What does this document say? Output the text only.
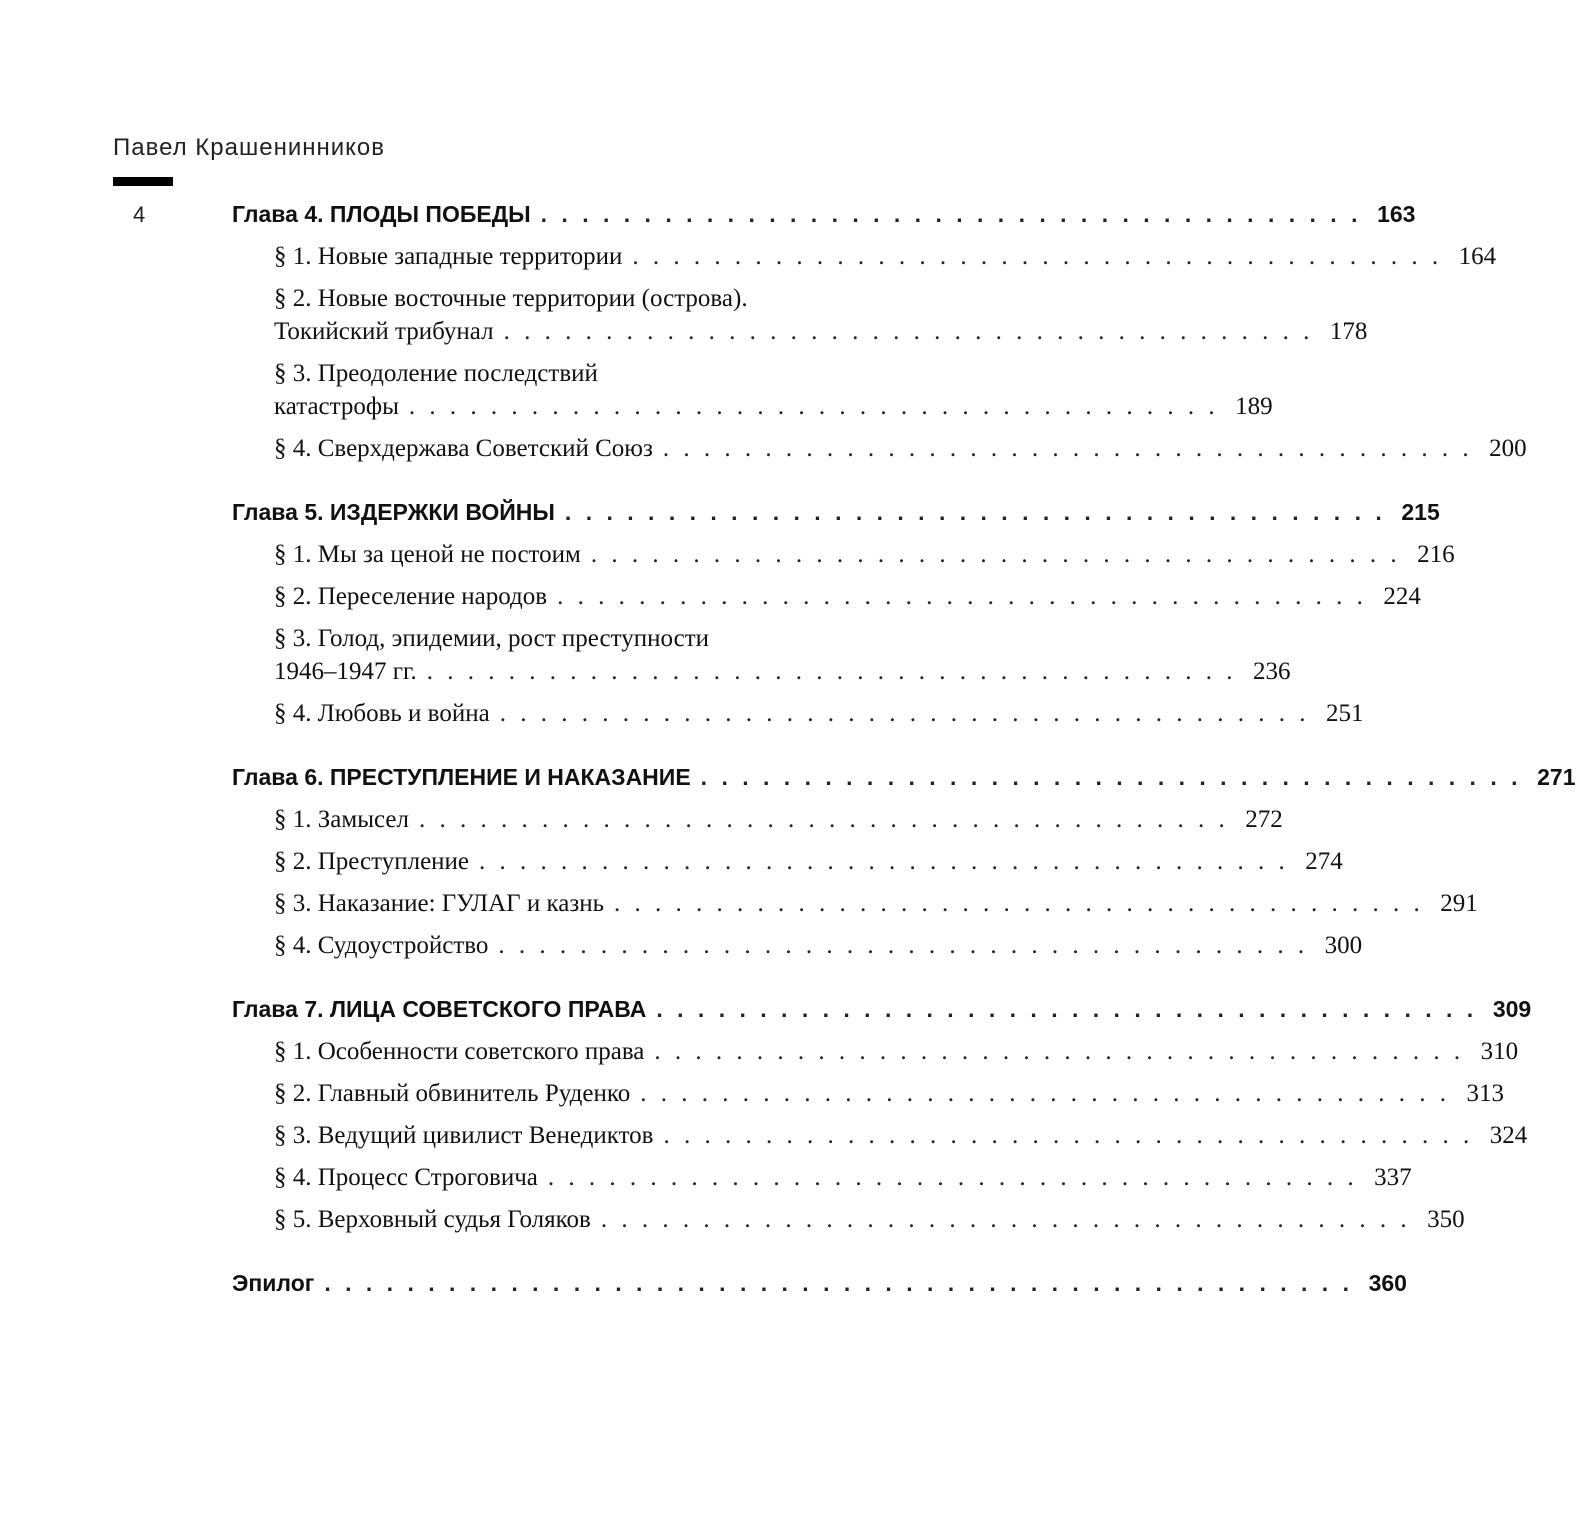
Павел Крашенинников
4	Глава 4. ПЛОДЫ ПОБЕДЫ . . . . . . . . . . . . . . . . . . . . . . . . . . . . . . . . . . . . . . . . 163
§ 1. Новые западные территории . . . . . . . . . . . . . . . . . . . . . . . . . . . . . . . . . . . . . . . . 164
§ 2. Новые восточные территории (острова).
Токийский трибунал . . . . . . . . . . . . . . . . . . . . . . . . . . . . . . . . . . . . . . . . 178
§ 3. Преодоление последствий
катастрофы . . . . . . . . . . . . . . . . . . . . . . . . . . . . . . . . . . . . . . . . 189
§ 4. Сверхдержава Советский Союз . . . . . . . . . . . . . . . . . . . . . . . . . . . . . . . . . . . . . . . . 200
Глава 5. ИЗДЕРЖКИ ВОЙНЫ . . . . . . . . . . . . . . . . . . . . . . . . . . . . . . . . . . . . . . . . 215
§ 1. Мы за ценой не постоим . . . . . . . . . . . . . . . . . . . . . . . . . . . . . . . . . . . . . . . . 216
§ 2. Переселение народов . . . . . . . . . . . . . . . . . . . . . . . . . . . . . . . . . . . . . . . . 224
§ 3. Голод, эпидемии, рост преступности
1946–1947 гг. . . . . . . . . . . . . . . . . . . . . . . . . . . . . . . . . . . . . . . . . 236
§ 4. Любовь и война . . . . . . . . . . . . . . . . . . . . . . . . . . . . . . . . . . . . . . . . 251
Глава 6. ПРЕСТУПЛЕНИЕ И НАКАЗАНИЕ . . . . . . . . . . . . . . . . . . . . . . . . . . . . . . . . . . . . . . . . 271
§ 1. Замысел . . . . . . . . . . . . . . . . . . . . . . . . . . . . . . . . . . . . . . . . 272
§ 2. Преступление . . . . . . . . . . . . . . . . . . . . . . . . . . . . . . . . . . . . . . . . 274
§ 3. Наказание: ГУЛАГ и казнь . . . . . . . . . . . . . . . . . . . . . . . . . . . . . . . . . . . . . . . . 291
§ 4. Судоустройство . . . . . . . . . . . . . . . . . . . . . . . . . . . . . . . . . . . . . . . . 300
Глава 7. ЛИЦА СОВЕТСКОГО ПРАВА . . . . . . . . . . . . . . . . . . . . . . . . . . . . . . . . . . . . . . . . 309
§ 1. Особенности советского права . . . . . . . . . . . . . . . . . . . . . . . . . . . . . . . . . . . . . . . . 310
§ 2. Главный обвинитель Руденко . . . . . . . . . . . . . . . . . . . . . . . . . . . . . . . . . . . . . . . . 313
§ 3. Ведущий цивилист Венедиктов . . . . . . . . . . . . . . . . . . . . . . . . . . . . . . . . . . . . . . . . 324
§ 4. Процесс Строговича . . . . . . . . . . . . . . . . . . . . . . . . . . . . . . . . . . . . . . . . 337
§ 5. Верховный судья Голяков . . . . . . . . . . . . . . . . . . . . . . . . . . . . . . . . . . . . . . . . 350
Эпилог . . . . . . . . . . . . . . . . . . . . . . . . . . . . . . . . . . . . . . . . . . . . . . . . . . 360
